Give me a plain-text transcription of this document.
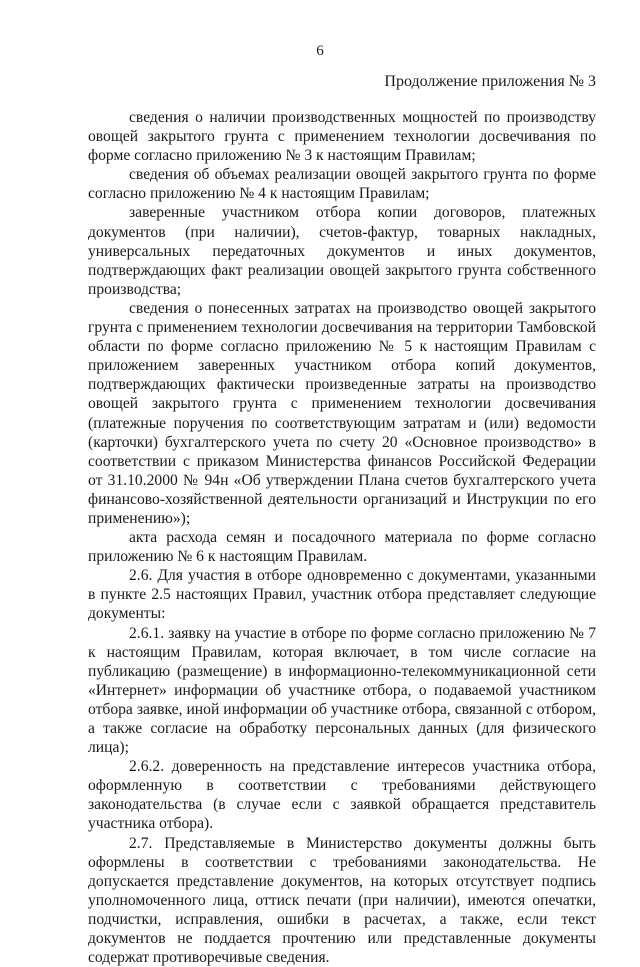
6
Продолжение приложения № 3

сведения о наличии производственных мощностей по производству овощей закрытого грунта с применением технологии досвечивания по форме согласно приложению № 3 к настоящим Правилам;

сведения об объемах реализации овощей закрытого грунта по форме согласно приложению № 4 к настоящим Правилам;

заверенные участником отбора копии договоров, платежных документов (при наличии), счетов-фактур, товарных накладных, универсальных передаточных документов и иных документов, подтверждающих факт реализации овощей закрытого грунта собственного производства;

сведения о понесенных затратах на производство овощей закрытого грунта с применением технологии досвечивания на территории Тамбовской области по форме согласно приложению № 5 к настоящим Правилам с приложением заверенных участником отбора копий документов, подтверждающих фактически произведенные затраты на производство овощей закрытого грунта с применением технологии досвечивания (платежные поручения по соответствующим затратам и (или) ведомости (карточки) бухгалтерского учета по счету 20 «Основное производство» в соответствии с приказом Министерства финансов Российской Федерации от 31.10.2000 № 94н «Об утверждении Плана счетов бухгалтерского учета финансово-хозяйственной деятельности организаций и Инструкции по его применению»);

акта расхода семян и посадочного материала по форме согласно приложению № 6 к настоящим Правилам.

2.6. Для участия в отборе одновременно с документами, указанными в пункте 2.5 настоящих Правил, участник отбора представляет следующие документы:

2.6.1. заявку на участие в отборе по форме согласно приложению № 7 к настоящим Правилам, которая включает, в том числе согласие на публикацию (размещение) в информационно-телекоммуникационной сети «Интернет» информации об участнике отбора, о подаваемой участником отбора заявке, иной информации об участнике отбора, связанной с отбором, а также согласие на обработку персональных данных (для физического лица);

2.6.2. доверенность на представление интересов участника отбора, оформленную в соответствии с требованиями действующего законодательства (в случае если с заявкой обращается представитель участника отбора).

2.7. Представляемые в Министерство документы должны быть оформлены в соответствии с требованиями законодательства. Не допускается представление документов, на которых отсутствует подпись уполномоченного лица, оттиск печати (при наличии), имеются опечатки, подчистки, исправления, ошибки в расчетах, а также, если текст документов не поддается прочтению или представленные документы содержат противоречивые сведения.
